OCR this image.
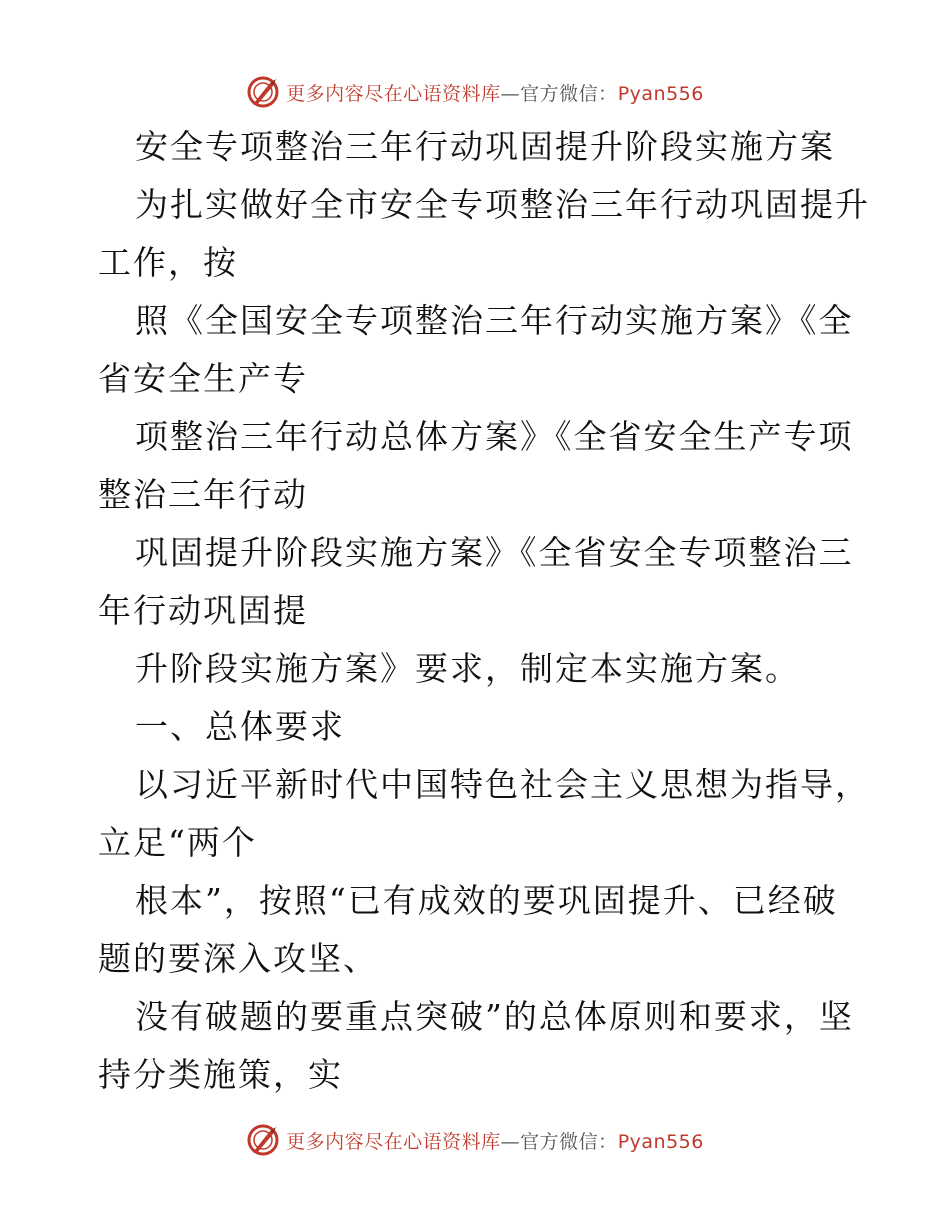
更多内容尽在心语资料库—官方微信：Pyan556
安全专项整治三年行动巩固提升阶段实施方案
为扎实做好全市安全专项整治三年行动巩固提升
工作，按
照《全国安全专项整治三年行动实施方案》《全
省安全生产专
项整治三年行动总体方案》《全省安全生产专项
整治三年行动
巩固提升阶段实施方案》《全省安全专项整治三
年行动巩固提
升阶段实施方案》要求，制定本实施方案。
一、总体要求
以习近平新时代中国特色社会主义思想为指导，
立足“两个
根本”，按照“已有成效的要巩固提升、已经破
题的要深入攻坚、
没有破题的要重点突破”的总体原则和要求，坚
持分类施策，实
更多内容尽在心语资料库—官方微信：Pyan556
